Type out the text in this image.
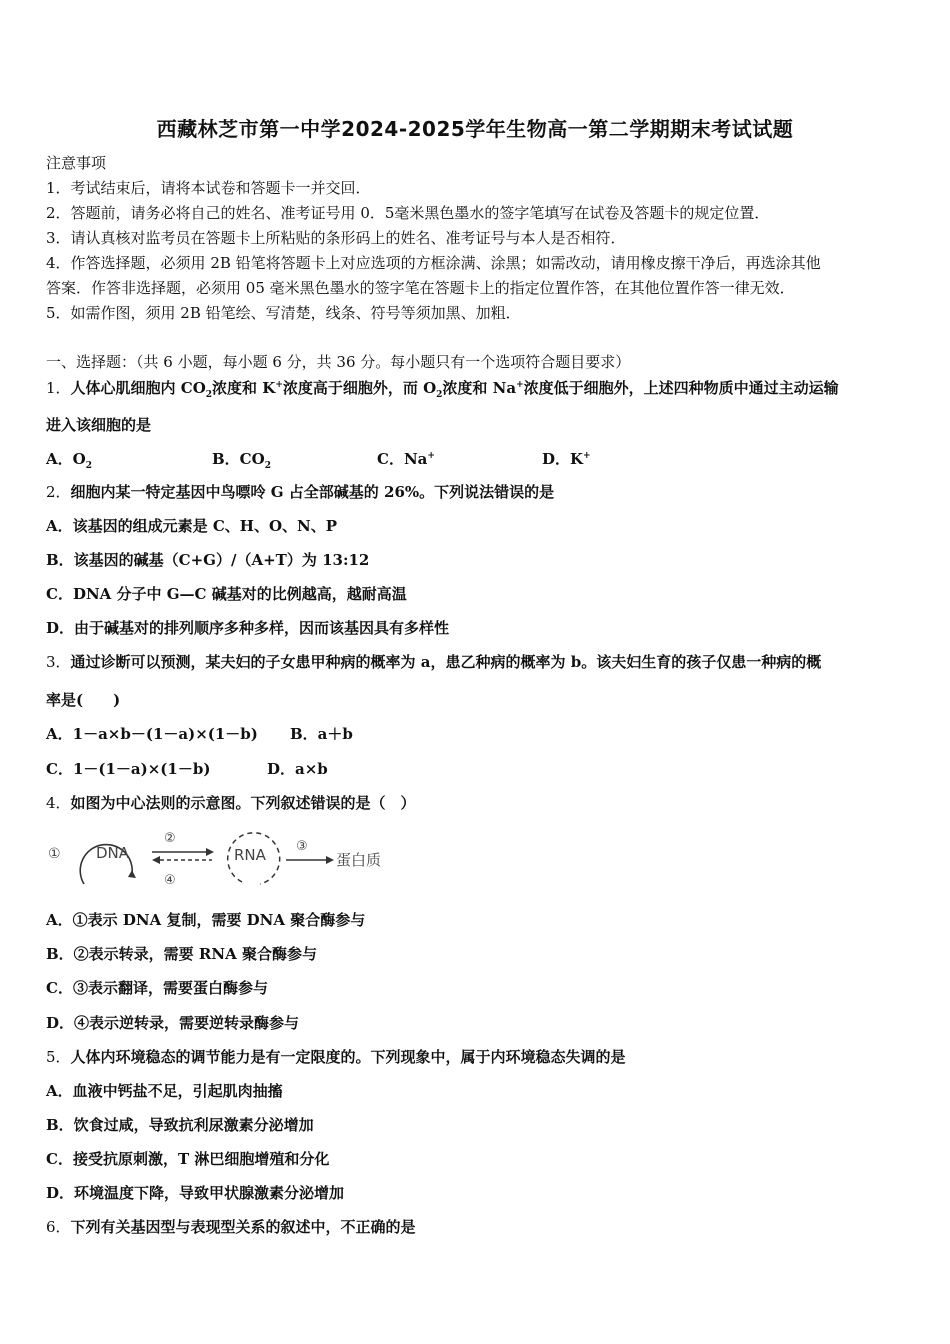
西藏林芝市第一中学2024-2025学年生物高一第二学期期末考试试题
注意事项
1．考试结束后，请将本试卷和答题卡一并交回．
2．答题前，请务必将自己的姓名、准考证号用 0．5毫米黑色墨水的签字笔填写在试卷及答题卡的规定位置．
3．请认真核对监考员在答题卡上所粘贴的条形码上的姓名、准考证号与本人是否相符．
4．作答选择题，必须用 2B 铅笔将答题卡上对应选项的方框涂满、涂黑；如需改动，请用橡皮擦干净后，再选涂其他
答案．作答非选择题，必须用 05 毫米黑色墨水的签字笔在答题卡上的指定位置作答，在其他位置作答一律无效．
5．如需作图，须用 2B 铅笔绘、写清楚，线条、符号等须加黑、加粗．
一、选择题：（共 6 小题，每小题 6 分，共 36 分。每小题只有一个选项符合题目要求）
1．人体心肌细胞内 $CO_2$浓度和 K+浓度高于细胞外，而 $O_2$浓度和 Na+浓度低于细胞外，上述四种物质中通过主动运输
进入该细胞的是
A．$O_2$	B．$CO_2$	C．Na+	D．K+
2．细胞内某一特定基因中鸟嘌呤 G 占全部碱基的 26%。下列说法错误的是
A．该基因的组成元素是 C、H、O、N、P
B．该基因的碱基（C+G）/（A+T）为 13:12
C．DNA 分子中 G—C 碱基对的比例越高，越耐高温
D．由于碱基对的排列顺序多种多样，因而该基因具有多样性
3．通过诊断可以预测，某夫妇的子女患甲种病的概率为 a，患乙种病的概率为 b。该夫妇生育的孩子仅患一种病的概
率是(　　)
A．1－a×b－(1－a)×(1－b) B．a＋b
C．1－(1－a)×(1－b)	D．a×b
4．如图为中心法则的示意图。下列叙述错误的是（　）
① DNA
②
④
RNA ③
蛋白质
A．①表示 DNA 复制，需要 DNA 聚合酶参与
B．②表示转录，需要 RNA 聚合酶参与
C．③表示翻译，需要蛋白酶参与
D．④表示逆转录，需要逆转录酶参与
5．人体内环境稳态的调节能力是有一定限度的。下列现象中，属于内环境稳态失调的是
A．血液中钙盐不足，引起肌肉抽搐
B．饮食过咸，导致抗利尿激素分泌增加
C．接受抗原刺激，T 淋巴细胞增殖和分化
D．环境温度下降，导致甲状腺激素分泌增加
6．下列有关基因型与表现型关系的叙述中，不正确的是
